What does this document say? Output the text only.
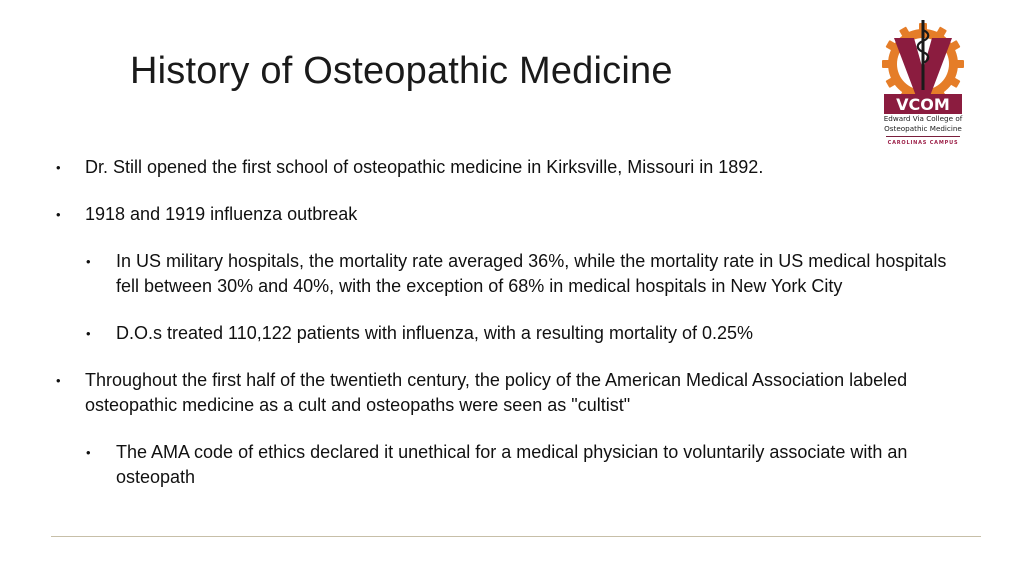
History of Osteopathic Medicine
VCOM
Edward Via College of
Osteopathic Medicine
CAROLINAS CAMPUS
• Dr. Still opened the first school of osteopathic medicine in Kirksville, Missouri in 1892.
• 1918 and 1919 influenza outbreak
• In US military hospitals, the mortality rate averaged 36%, while the mortality rate in US medical hospitals fell between 30% and 40%, with the exception of 68% in medical hospitals in New York City
• D.O.s treated 110,122 patients with influenza, with a resulting mortality of 0.25%
• Throughout the first half of the twentieth century, the policy of the American Medical Association labeled osteopathic medicine as a cult and osteopaths were seen as "cultist"
• The AMA code of ethics declared it unethical for a medical physician to voluntarily associate with an osteopath
